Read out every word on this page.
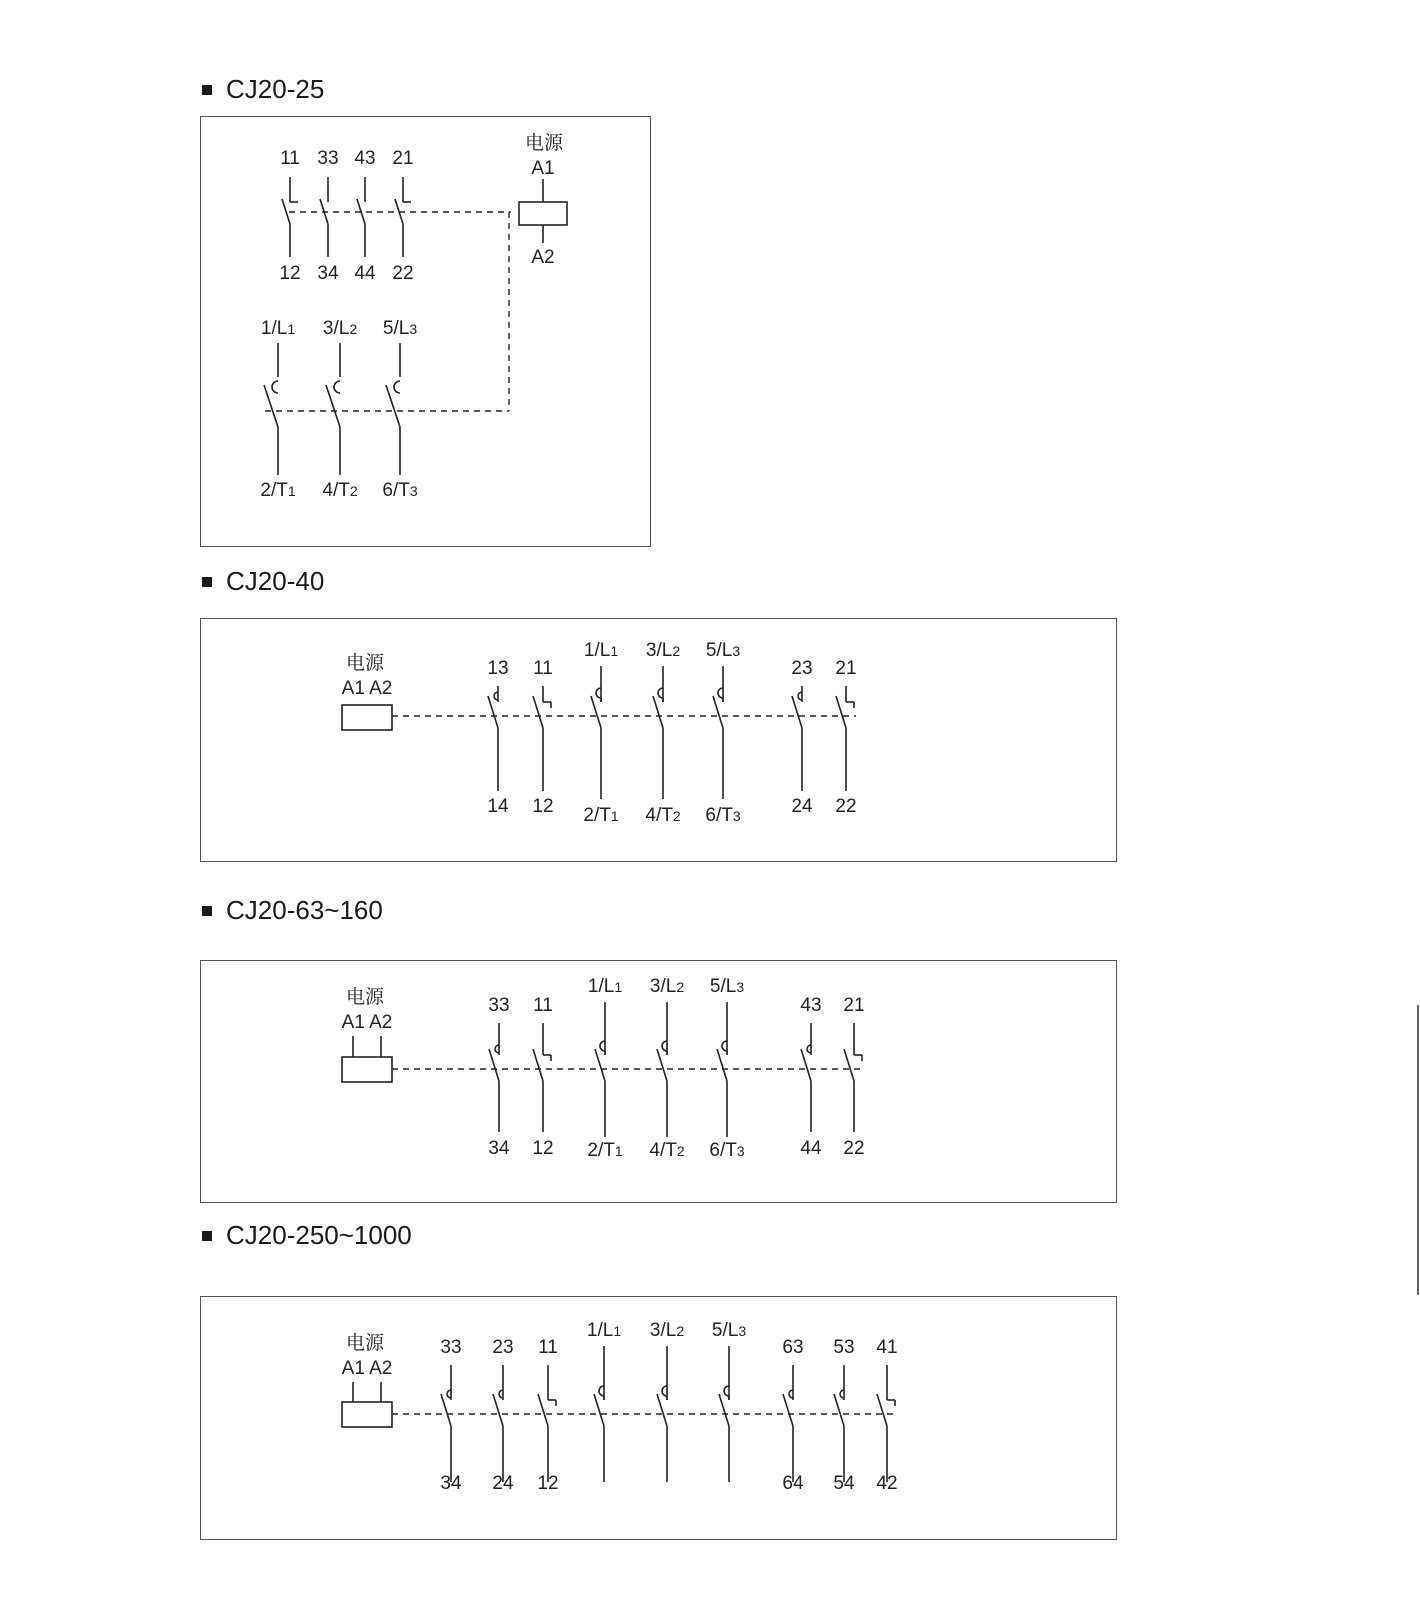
CJ20-25
CJ20-40
CJ20-63~160
CJ20-250~1000
11
12
33
34
43
44
21
22
电源
A1
A2
1/L1
2/T1
3/L2
4/T2
5/L3
6/T3
电源
A1 A2
13
14
11
12
1/L1
2/T1
3/L2
4/T2
5/L3
6/T3
23
24
21
22
电源
A1 A2
33
34
11
12
1/L1
2/T1
3/L2
4/T2
5/L3
6/T3
43
44
21
22
电源
A1 A2
33
34
23
24
11
12
1/L1 3/L2 5/L3
63
64
53
54
41
42
